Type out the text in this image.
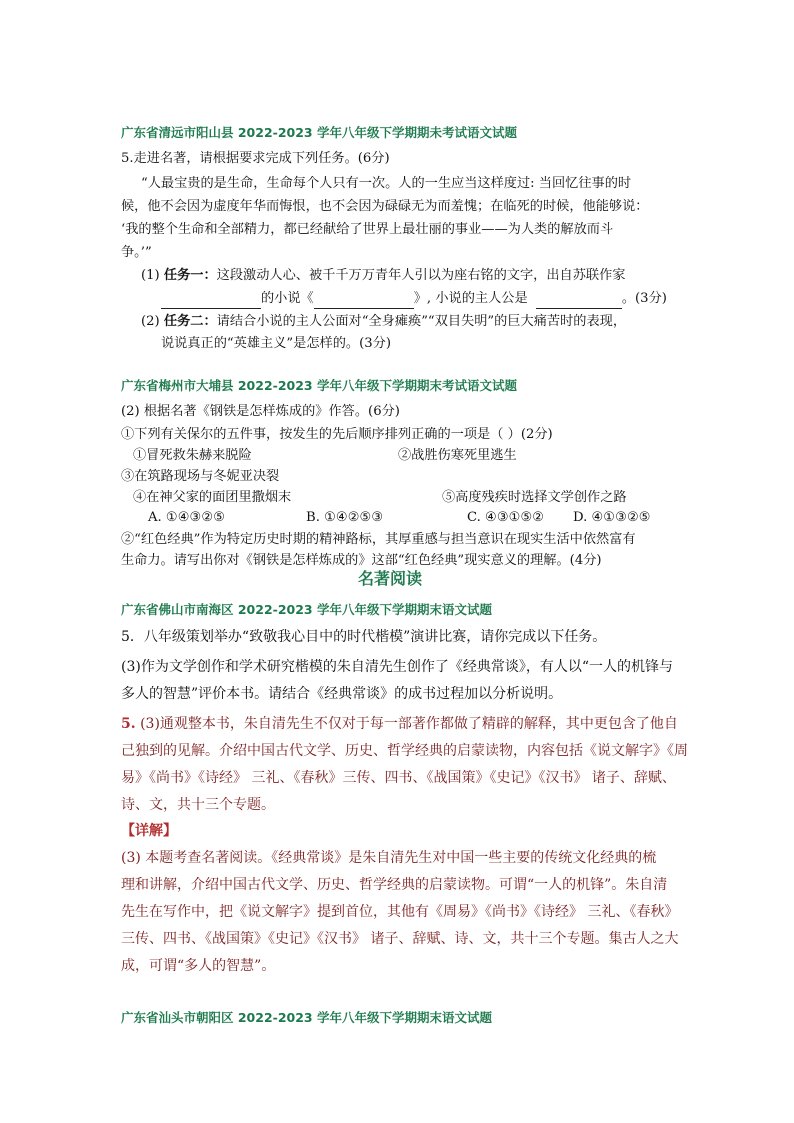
广东省清远市阳山县 2022-2023 学年八年级下学期期未考试语文试题
5.走进名著，请根据要求完成下列任务。(6分)
“人最宝贵的是生命，生命每个人只有一次。人的一生应当这样度过: 当回忆往事的时
候，他不会因为虚度年华而悔恨，也不会因为碌碌无为而羞愧；在临死的时候，他能够说：
‘我的整个生命和全部精力，都已经献给了世界上最壮丽的事业——为人类的解放而斗
争。’”
(1) 任务一：这段激动人心、被千千万万青年人引以为座右铭的文字，出自苏联作家
的小说《	》, 小说的主人公是	。(3分)
(2) 任务二：请结合小说的主人公面对“全身瘫痪”“双目失明”的巨大痛苦时的表现，
说说真正的“英雄主义”是怎样的。(3分)
广东省梅州市大埔县 2022-2023 学年八年级下学期期末考试语文试题
(2) 根据名著《钢铁是怎样炼成的》作答。(6分)
①下列有关保尔的五件事，按发生的先后顺序排列正确的一项是（ ）(2分)
①冒死救朱赫来脱险	②战胜伤寒死里逃生
③在筑路现场与冬妮亚决裂
④在神父家的面团里撒烟末	⑤高度残疾时选择文学创作之路
A. ①④③②⑤	B. ①④②⑤③	C. ④③①⑤② D. ④①③②⑤
②“红色经典”作为特定历史时期的精神路标，其厚重感与担当意识在现实生活中依然富有
生命力。请写出你对《钢铁是怎样炼成的》这部“红色经典”现实意义的理解。(4分)
名著阅读
广东省佛山市南海区 2022-2023 学年八年级下学期期末语文试题
5．八年级策划举办“致敬我心目中的时代楷模”演讲比赛，请你完成以下任务。
(3)作为文学创作和学术研究楷模的朱自清先生创作了《经典常谈》，有人以“一人的机锋与
多人的智慧”评价本书。请结合《经典常谈》的成书过程加以分析说明。
5. (3)通观整本书，朱自清先生不仅对于每一部著作都做了精辟的解释，其中更包含了他自
己独到的见解。介绍中国古代文学、历史、哲学经典的启蒙读物，内容包括《说文解字》《周
易》《尚书》《诗经》 三礼、《春秋》三传、四书、《战国策》《史记》《汉书》 诸子、辞赋、
诗、文，共十三个专题。
【详解】
(3) 本题考查名著阅读。《经典常谈》是朱自清先生对中国一些主要的传统文化经典的梳
理和讲解，介绍中国古代文学、历史、哲学经典的启蒙读物。可谓“一人的机锋”。朱自清
先生在写作中，把《说文解字》提到首位，其他有《周易》《尚书》《诗经》 三礼、《春秋》
三传、四书、《战国策》《史记》《汉书》 诸子、辞赋、诗、文，共十三个专题。集古人之大
成，可谓“多人的智慧”。
广东省汕头市朝阳区 2022-2023 学年八年级下学期期末语文试题
